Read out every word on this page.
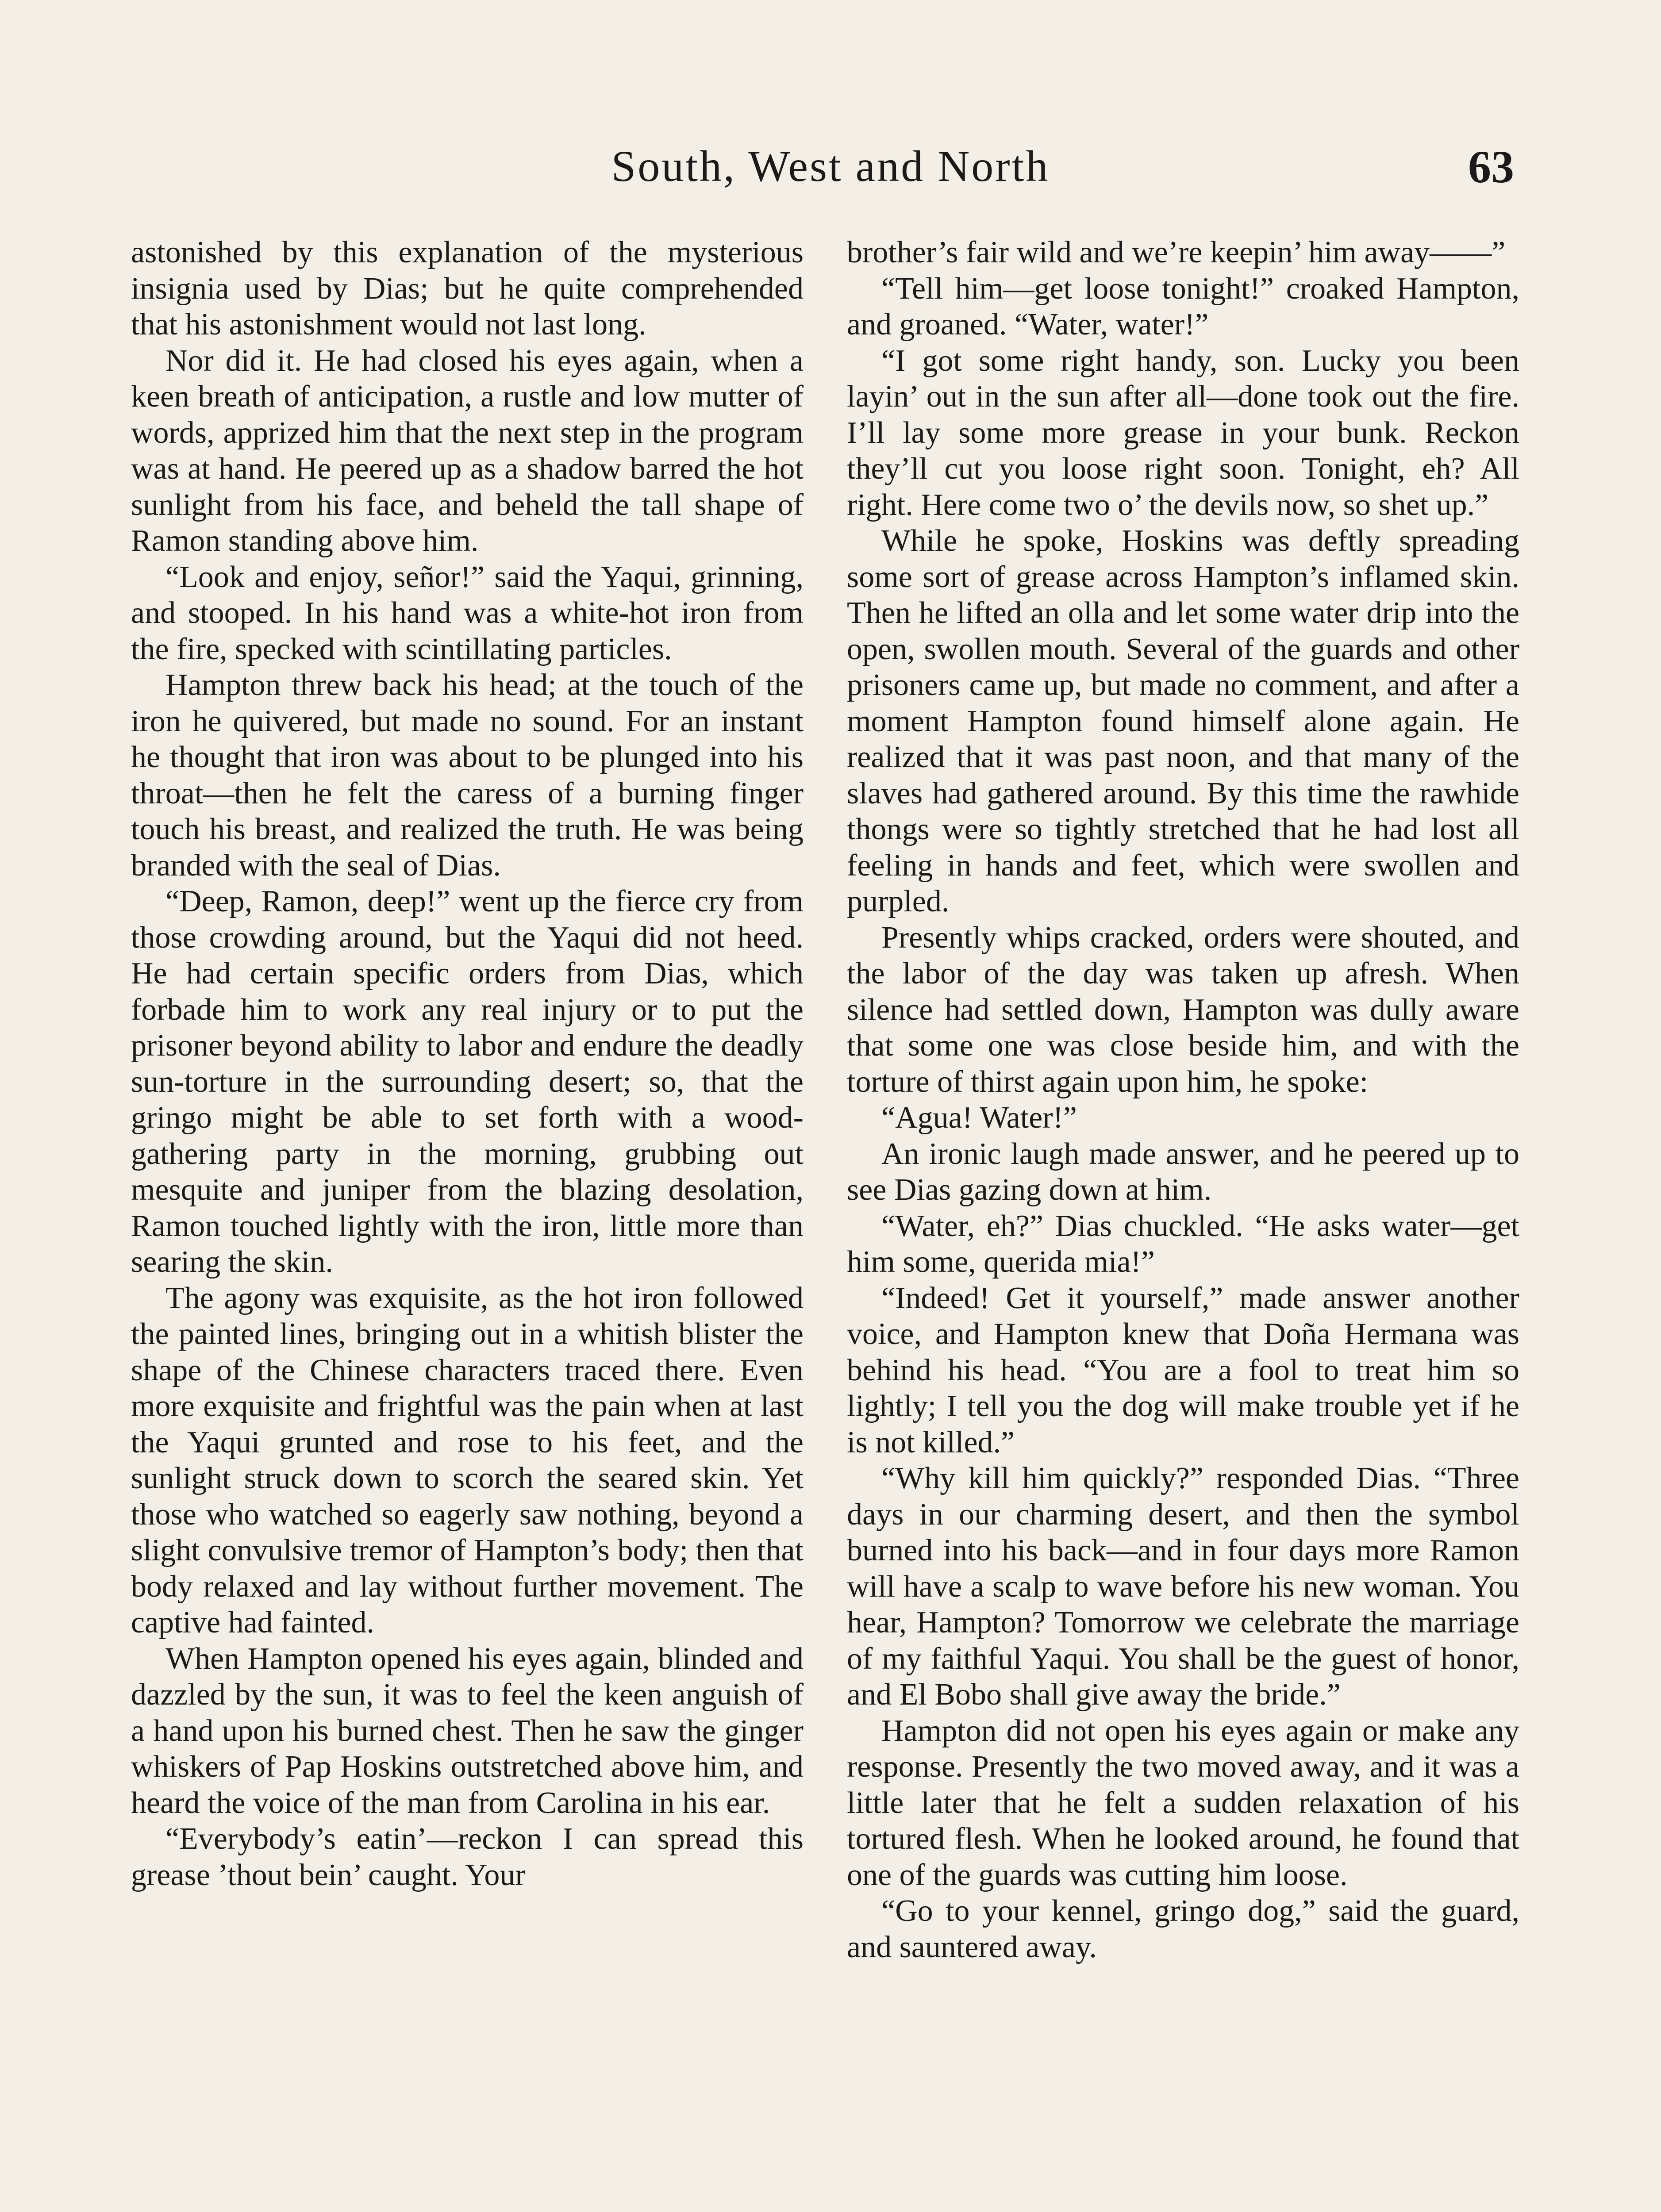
South, West and North	63

astonished by this explanation of the mysterious insignia used by Dias; but he quite comprehended that his astonishment would not last long.

Nor did it. He had closed his eyes again, when a keen breath of anticipation, a rustle and low mutter of words, apprized him that the next step in the program was at hand. He peered up as a shadow barred the hot sunlight from his face, and beheld the tall shape of Ramon standing above him.

“Look and enjoy, señor!” said the Yaqui, grinning, and stooped. In his hand was a white-hot iron from the fire, specked with scintillating particles.

Hampton threw back his head; at the touch of the iron he quivered, but made no sound. For an instant he thought that iron was about to be plunged into his throat—then he felt the caress of a burning finger touch his breast, and realized the truth. He was being branded with the seal of Dias.

“Deep, Ramon, deep!” went up the fierce cry from those crowding around, but the Yaqui did not heed. He had certain specific orders from Dias, which forbade him to work any real injury or to put the prisoner beyond ability to labor and endure the deadly sun-torture in the surrounding desert; so, that the gringo might be able to set forth with a wood-gathering party in the morning, grubbing out mesquite and juniper from the blazing desolation, Ramon touched lightly with the iron, little more than searing the skin.

The agony was exquisite, as the hot iron followed the painted lines, bringing out in a whitish blister the shape of the Chinese characters traced there. Even more exquisite and frightful was the pain when at last the Yaqui grunted and rose to his feet, and the sunlight struck down to scorch the seared skin. Yet those who watched so eagerly saw nothing, beyond a slight convulsive tremor of Hampton’s body; then that body relaxed and lay without further movement. The captive had fainted.

When Hampton opened his eyes again, blinded and dazzled by the sun, it was to feel the keen anguish of a hand upon his burned chest. Then he saw the ginger whiskers of Pap Hoskins outstretched above him, and heard the voice of the man from Carolina in his ear.

“Everybody’s eatin’—reckon I can spread this grease ’thout bein’ caught. Your

brother’s fair wild and we’re keepin’ him away——”

“Tell him—get loose tonight!” croaked Hampton, and groaned. “Water, water!”

“I got some right handy, son. Lucky you been layin’ out in the sun after all—done took out the fire. I’ll lay some more grease in your bunk. Reckon they’ll cut you loose right soon. Tonight, eh? All right. Here come two o’ the devils now, so shet up.”

While he spoke, Hoskins was deftly spreading some sort of grease across Hampton’s inflamed skin. Then he lifted an olla and let some water drip into the open, swollen mouth. Several of the guards and other prisoners came up, but made no comment, and after a moment Hampton found himself alone again. He realized that it was past noon, and that many of the slaves had gathered around. By this time the rawhide thongs were so tightly stretched that he had lost all feeling in hands and feet, which were swollen and purpled.

Presently whips cracked, orders were shouted, and the labor of the day was taken up afresh. When silence had settled down, Hampton was dully aware that some one was close beside him, and with the torture of thirst again upon him, he spoke:

“Agua! Water!”

An ironic laugh made answer, and he peered up to see Dias gazing down at him.

“Water, eh?” Dias chuckled. “He asks water—get him some, querida mia!”

“Indeed! Get it yourself,” made answer another voice, and Hampton knew that Doña Hermana was behind his head. “You are a fool to treat him so lightly; I tell you the dog will make trouble yet if he is not killed.”

“Why kill him quickly?” responded Dias. “Three days in our charming desert, and then the symbol burned into his back—and in four days more Ramon will have a scalp to wave before his new woman. You hear, Hampton? Tomorrow we celebrate the marriage of my faithful Yaqui. You shall be the guest of honor, and El Bobo shall give away the bride.”

Hampton did not open his eyes again or make any response. Presently the two moved away, and it was a little later that he felt a sudden relaxation of his tortured flesh. When he looked around, he found that one of the guards was cutting him loose.

“Go to your kennel, gringo dog,” said the guard, and sauntered away.
